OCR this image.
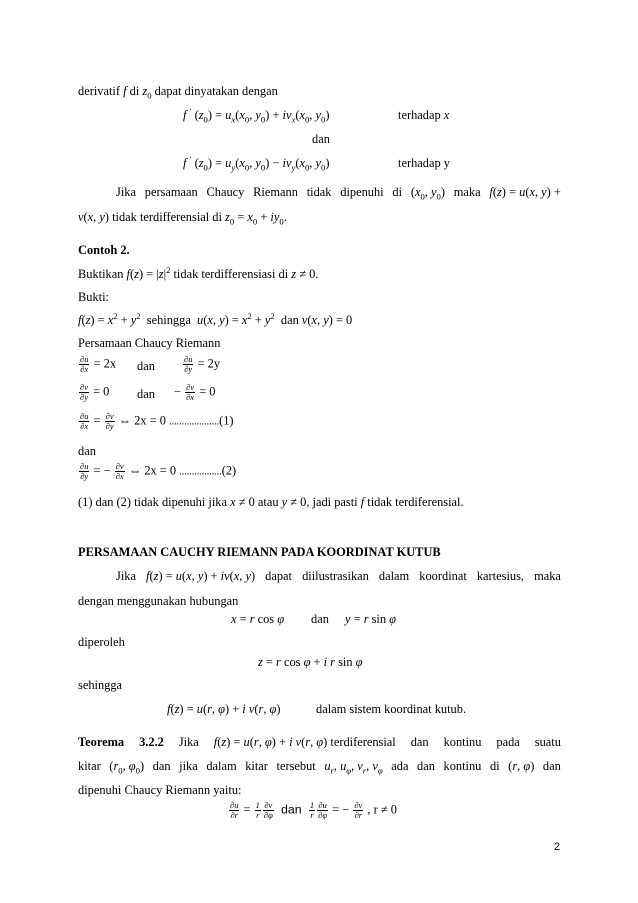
derivatif f di $z_0$ dapat dinyatakan dengan
f ′ $(z_0) = u_x(x_0$, $y_0) + iv_x(x_0$, $y_0$)	terhadap x
dan
f ′ $(z_0) = u_y(x_0$, $y_0) - iv_y(x_0$, $y_0$)	terhadap y
Jika persamaan Chaucy Riemann tidak dipenuhi di ($x_0$, $y_0$) maka f(z) = u(x, y) +
v(x, y) tidak terdifferensial di $z_0 = x_0 + iy_0$.
Contoh 2.
Buktikan $f(z) = |z|^2$ tidak terdifferensiasi di z ≠ 0.
Bukti:
$f(z) = x^2 + y^2$  sehingga  u(x, $y) = x^2 + y^2$  dan v(x, y) = 0
Persamaan Chaucy Riemann
$\frac{\partial u}{\partial x} = 2x$ dan	$\frac{\partial u}{\partial y} = 2y$
$\frac{\partial v}{\partial y} = 0$ dan − $\frac{\partial v}{\partial x} = 0$
$\frac{\partial u}{\partial x} = \frac{\partial v}{\partial y}$ ⇔ 2x = 0 ....................(1)
dan
$\frac{\partial u}{\partial y}$ = − $\frac{\partial v}{\partial x}$ ⇔ 2x = 0 .................(2)
(1) dan (2) tidak dipenuhi jika x ≠ 0 atau y ≠ 0, jadi pasti f tidak terdiferensial.
PERSAMAAN CAUCHY RIEMANN PADA KOORDINAT KUTUB
Jika f(z) = u(x, y) + iv(x, y) dapat diilustrasikan dalam koordinat kartesius, maka
dengan menggunakan hubungan
x = r cos φ dan y = r sin φ
diperoleh
z = r cos φ + i r sin φ
sehingga
f(z) = u(r, φ) + i v(r, φ)	dalam sistem koordinat kutub.
Teorema 3.2.2 Jika f(z) = u(r, φ) + i v(r, φ) terdiferensial dan kontinu pada suatu
kitar ($r_0$, $\varphi_0$) dan jika dalam kitar tersebut $u_r$, $u_\varphi$, $v_r$, $v_\varphi$ ada dan kontinu di (r, φ) dan
dipenuhi Chaucy Riemann yaitu:
$\frac{\partial u}{\partial r} = \frac{1}{r} \frac{\partial v}{\partial\varphi}$ dan $\frac{1}{r} \frac{\partial u}{\partial\varphi}$ = − $\frac{\partial v}{\partial r}$ , r ≠ 0
2
